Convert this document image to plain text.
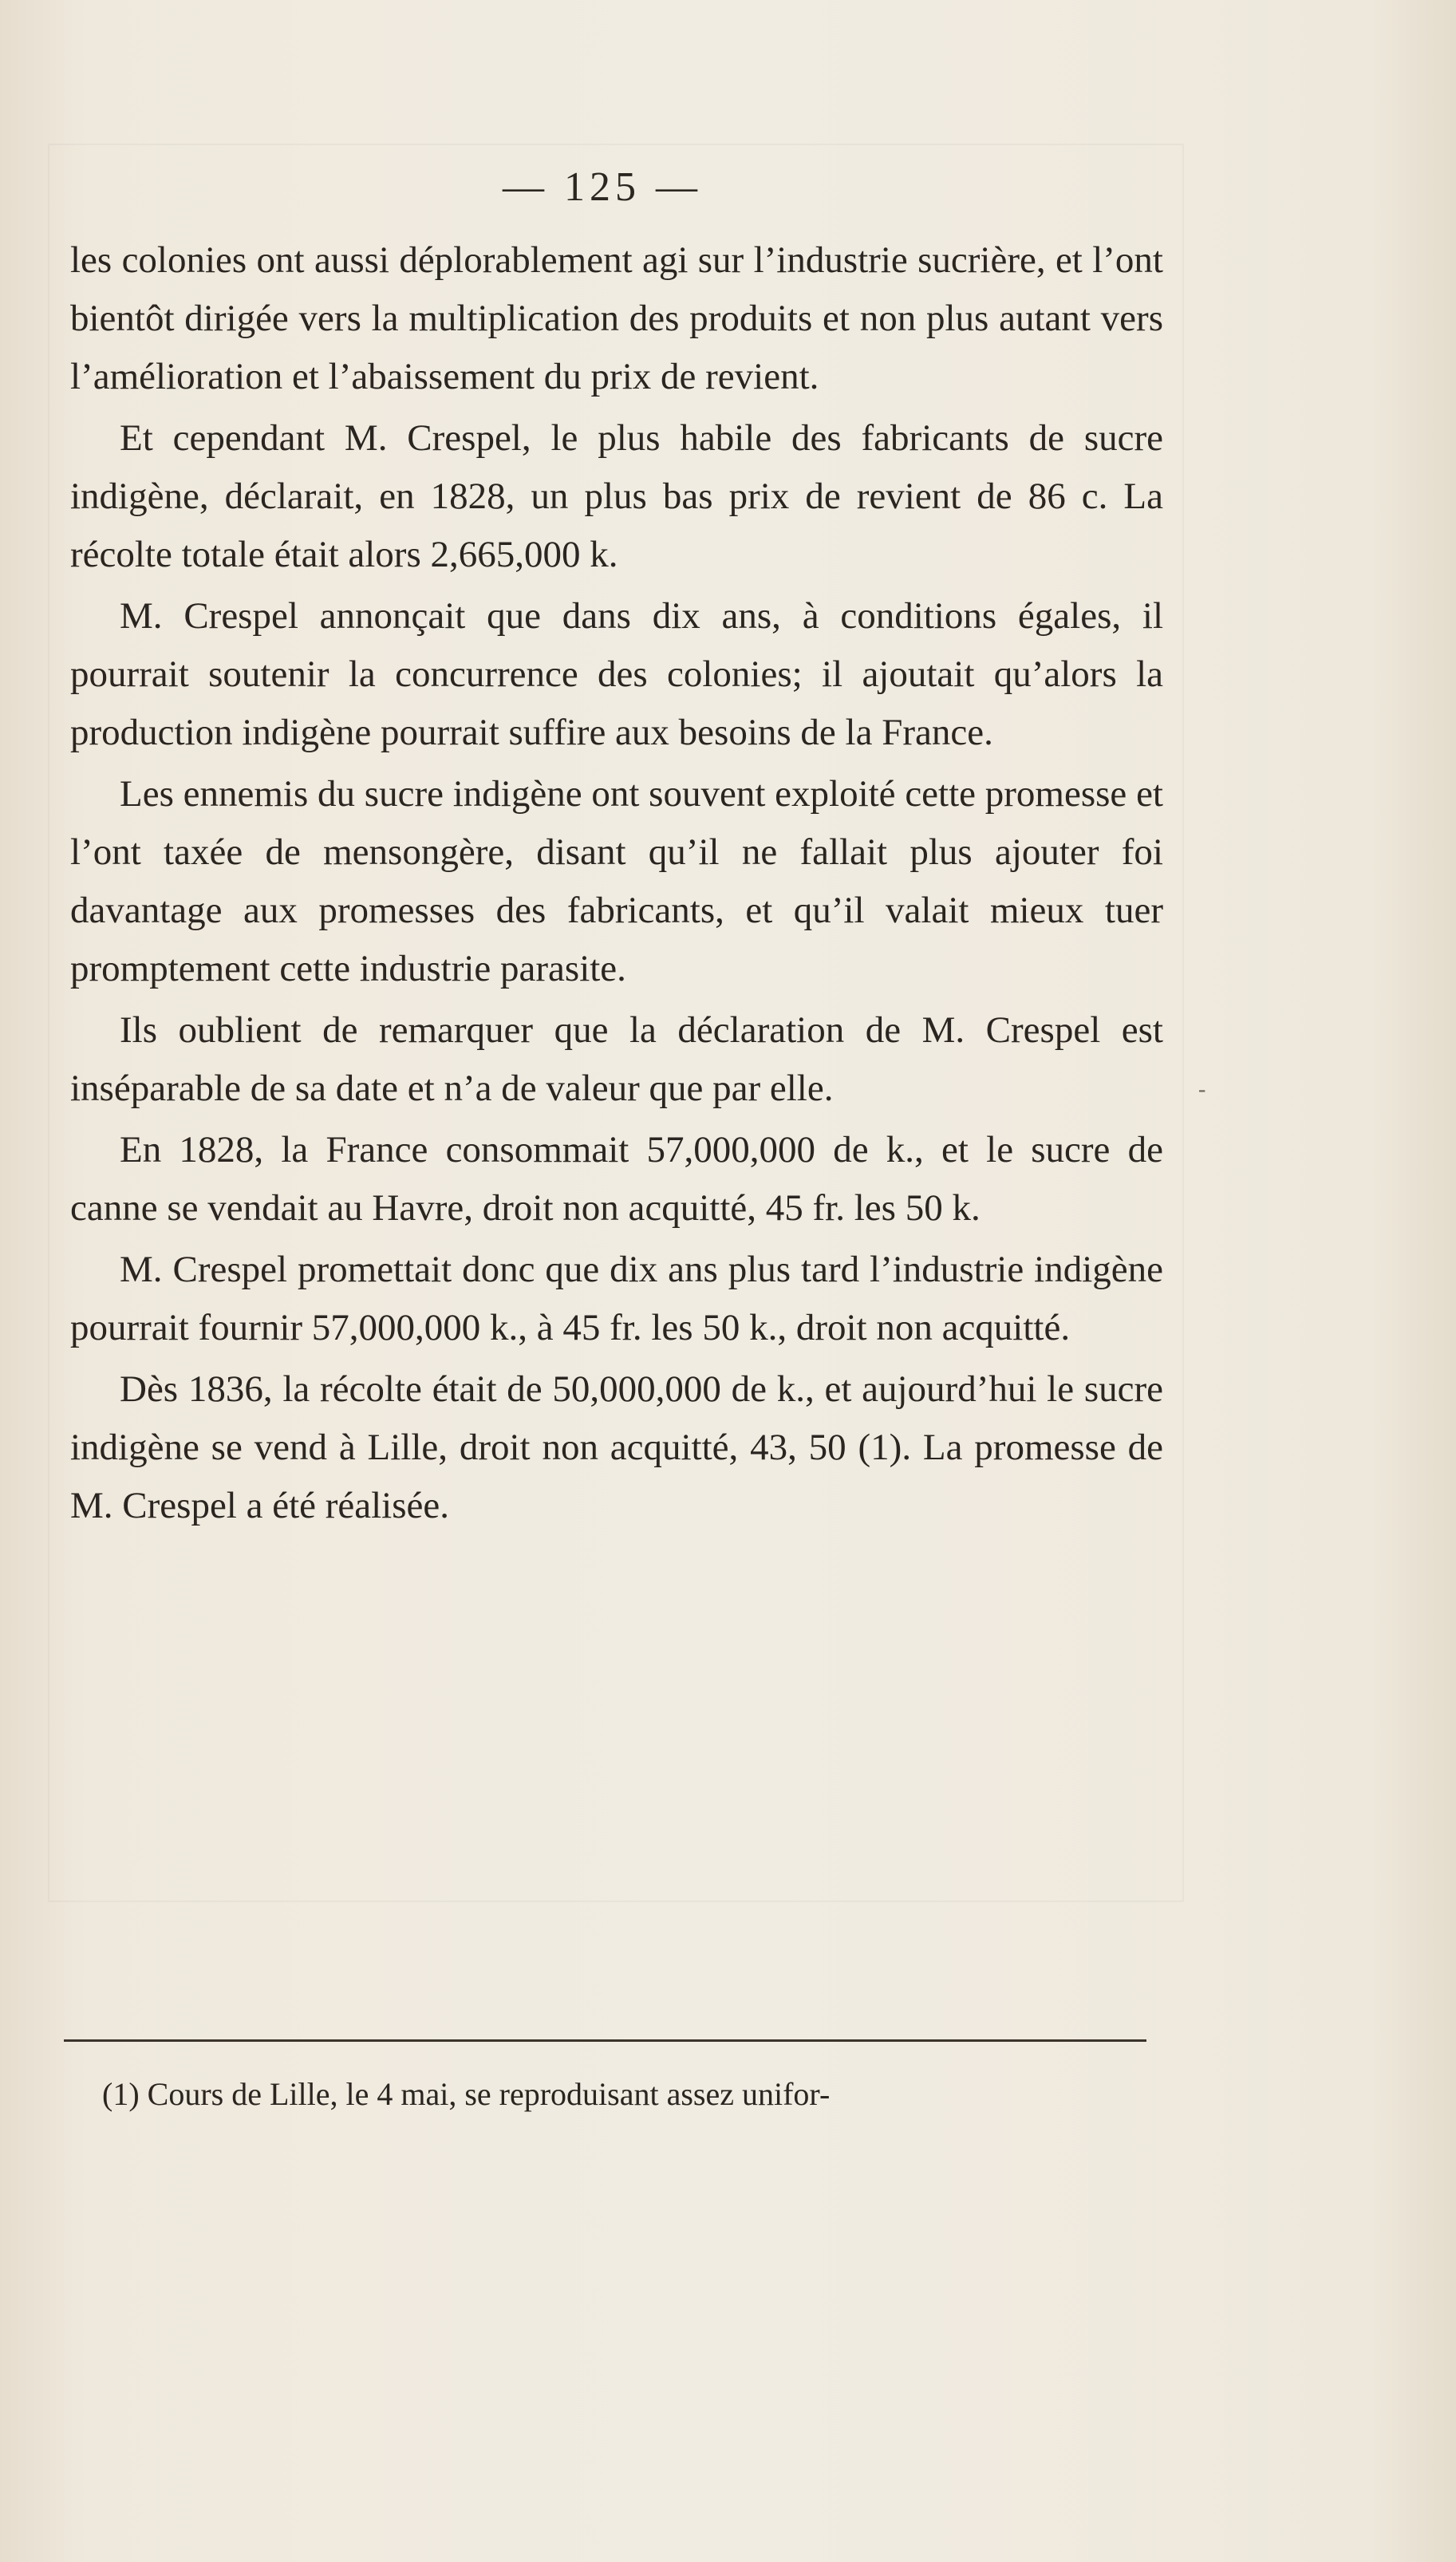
— 125 —

les colonies ont aussi déplorablement agi sur l’industrie sucrière, et l’ont bientôt dirigée vers la multiplication des produits et non plus autant vers l’amélioration et l’abaissement du prix de revient.

Et cependant M. Crespel, le plus habile des fabricants de sucre indigène, déclarait, en 1828, un plus bas prix de revient de 86 c. La récolte totale était alors 2,665,000 k.

M. Crespel annonçait que dans dix ans, à conditions égales, il pourrait soutenir la concurrence des colonies; il ajoutait qu’alors la production indigène pourrait suffire aux besoins de la France.

Les ennemis du sucre indigène ont souvent exploité cette promesse et l’ont taxée de mensongère, disant qu’il ne fallait plus ajouter foi davantage aux promesses des fabricants, et qu’il valait mieux tuer promptement cette industrie parasite.

Ils oublient de remarquer que la déclaration de M. Crespel est inséparable de sa date et n’a de valeur que par elle.

En 1828, la France consommait 57,000,000 de k., et le sucre de canne se vendait au Havre, droit non acquitté, 45 fr. les 50 k.

M. Crespel promettait donc que dix ans plus tard l’industrie indigène pourrait fournir 57,000,000 k., à 45 fr. les 50 k., droit non acquitté.

Dès 1836, la récolte était de 50,000,000 de k., et aujourd’hui le sucre indigène se vend à Lille, droit non acquitté, 43, 50 (1). La promesse de M. Crespel a été réalisée.

-
(1) Cours de Lille, le 4 mai, se reproduisant assez unifor-
